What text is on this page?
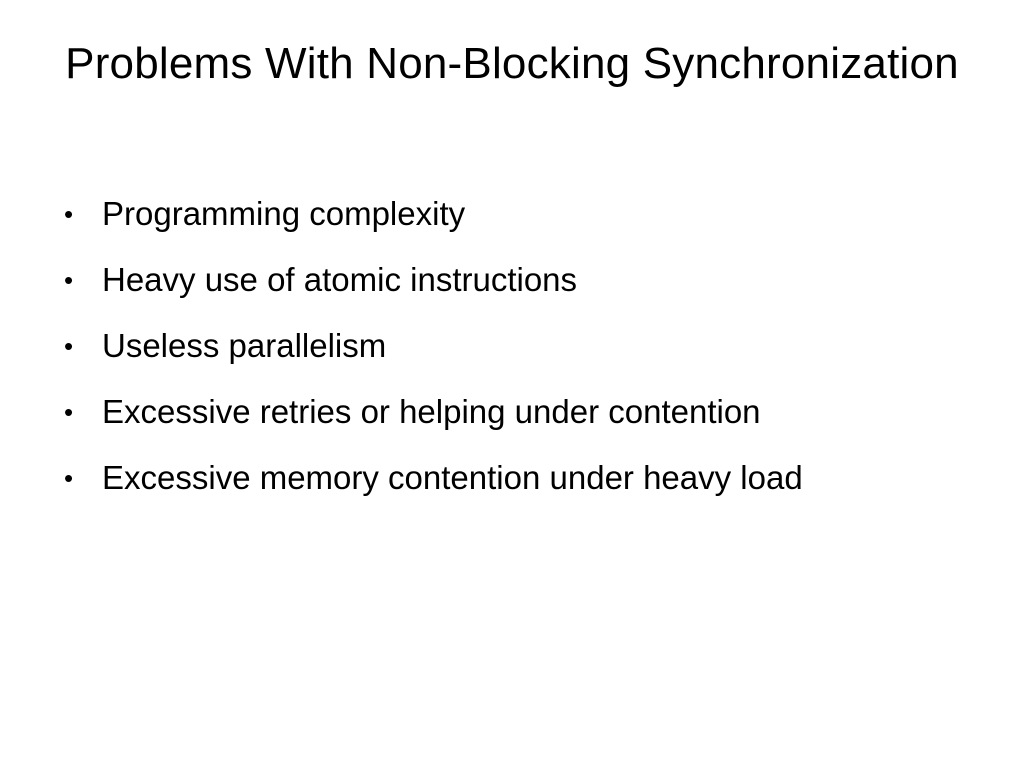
Problems With Non-Blocking Synchronization
• Programming complexity
• Heavy use of atomic instructions
• Useless parallelism
• Excessive retries or helping under contention
• Excessive memory contention under heavy load
